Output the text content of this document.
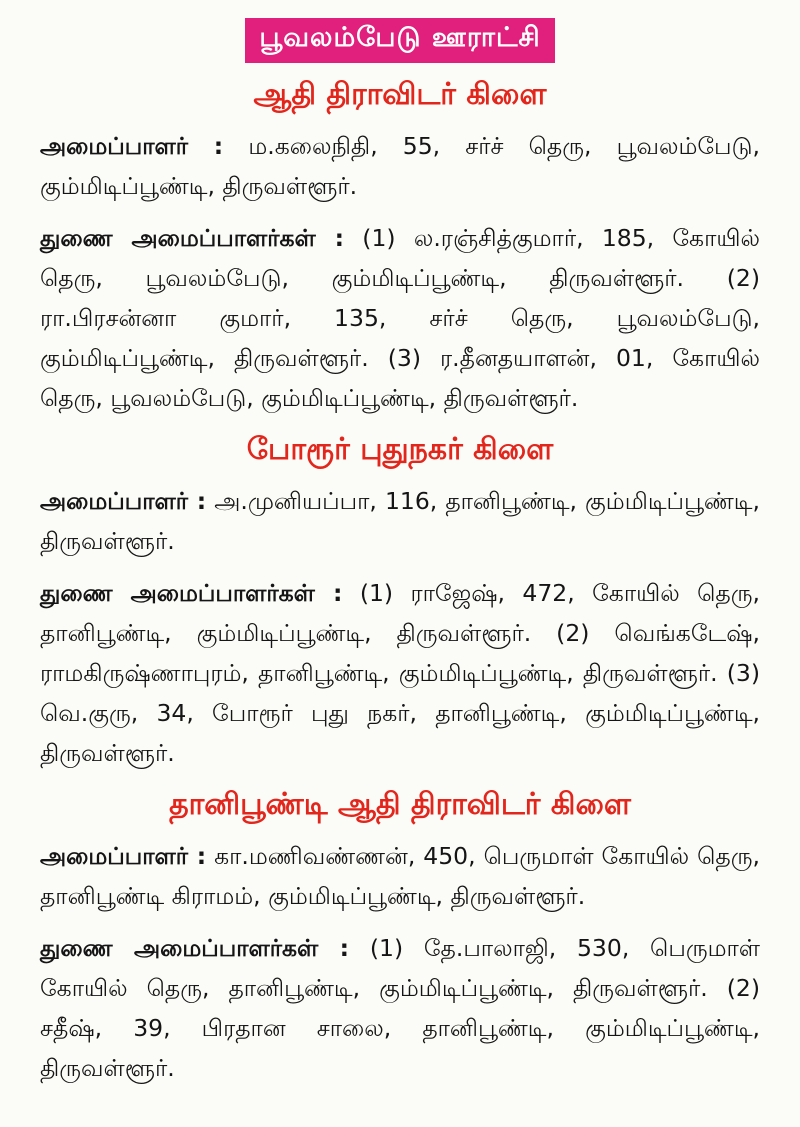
பூவலம்பேடு ஊராட்சி
ஆதி திராவிடர் கிளை

அமைப்பாளர் : ம.கலைநிதி, 55, சர்ச் தெரு, பூவலம்பேடு, கும்மிடிப்பூண்டி, திருவள்ளூர்.

துணை அமைப்பாளர்கள் : (1) ல.ரஞ்சித்குமார், 185, கோயில் தெரு, பூவலம்பேடு, கும்மிடிப்பூண்டி, திருவள்ளூர். (2) ரா.பிரசன்னா குமார், 135, சர்ச் தெரு, பூவலம்பேடு, கும்மிடிப்பூண்டி, திருவள்ளூர். (3) ர.தீனதயாளன், 01, கோயில் தெரு, பூவலம்பேடு, கும்மிடிப்பூண்டி, திருவள்ளூர்.

போரூர் புதுநகர் கிளை

அமைப்பாளர் : அ.முனியப்பா, 116, தானிபூண்டி, கும்மிடிப்பூண்டி, திருவள்ளூர்.

துணை அமைப்பாளர்கள் : (1) ராஜேஷ், 472, கோயில் தெரு, தானிபூண்டி, கும்மிடிப்பூண்டி, திருவள்ளூர். (2) வெங்கடேஷ், ராமகிருஷ்ணாபுரம், தானிபூண்டி, கும்மிடிப்பூண்டி, திருவள்ளூர். (3) வெ.குரு, 34, போரூர் புது நகர், தானிபூண்டி, கும்மிடிப்பூண்டி, திருவள்ளூர்.

தானிபூண்டி ஆதி திராவிடர் கிளை

அமைப்பாளர் : கா.மணிவண்ணன், 450, பெருமாள் கோயில் தெரு, தானிபூண்டி கிராமம், கும்மிடிப்பூண்டி, திருவள்ளூர்.

துணை அமைப்பாளர்கள் : (1) தே.பாலாஜி, 530, பெருமாள் கோயில் தெரு, தானிபூண்டி, கும்மிடிப்பூண்டி, திருவள்ளூர். (2) சதீஷ், 39, பிரதான சாலை, தானிபூண்டி, கும்மிடிப்பூண்டி, திருவள்ளூர்.
